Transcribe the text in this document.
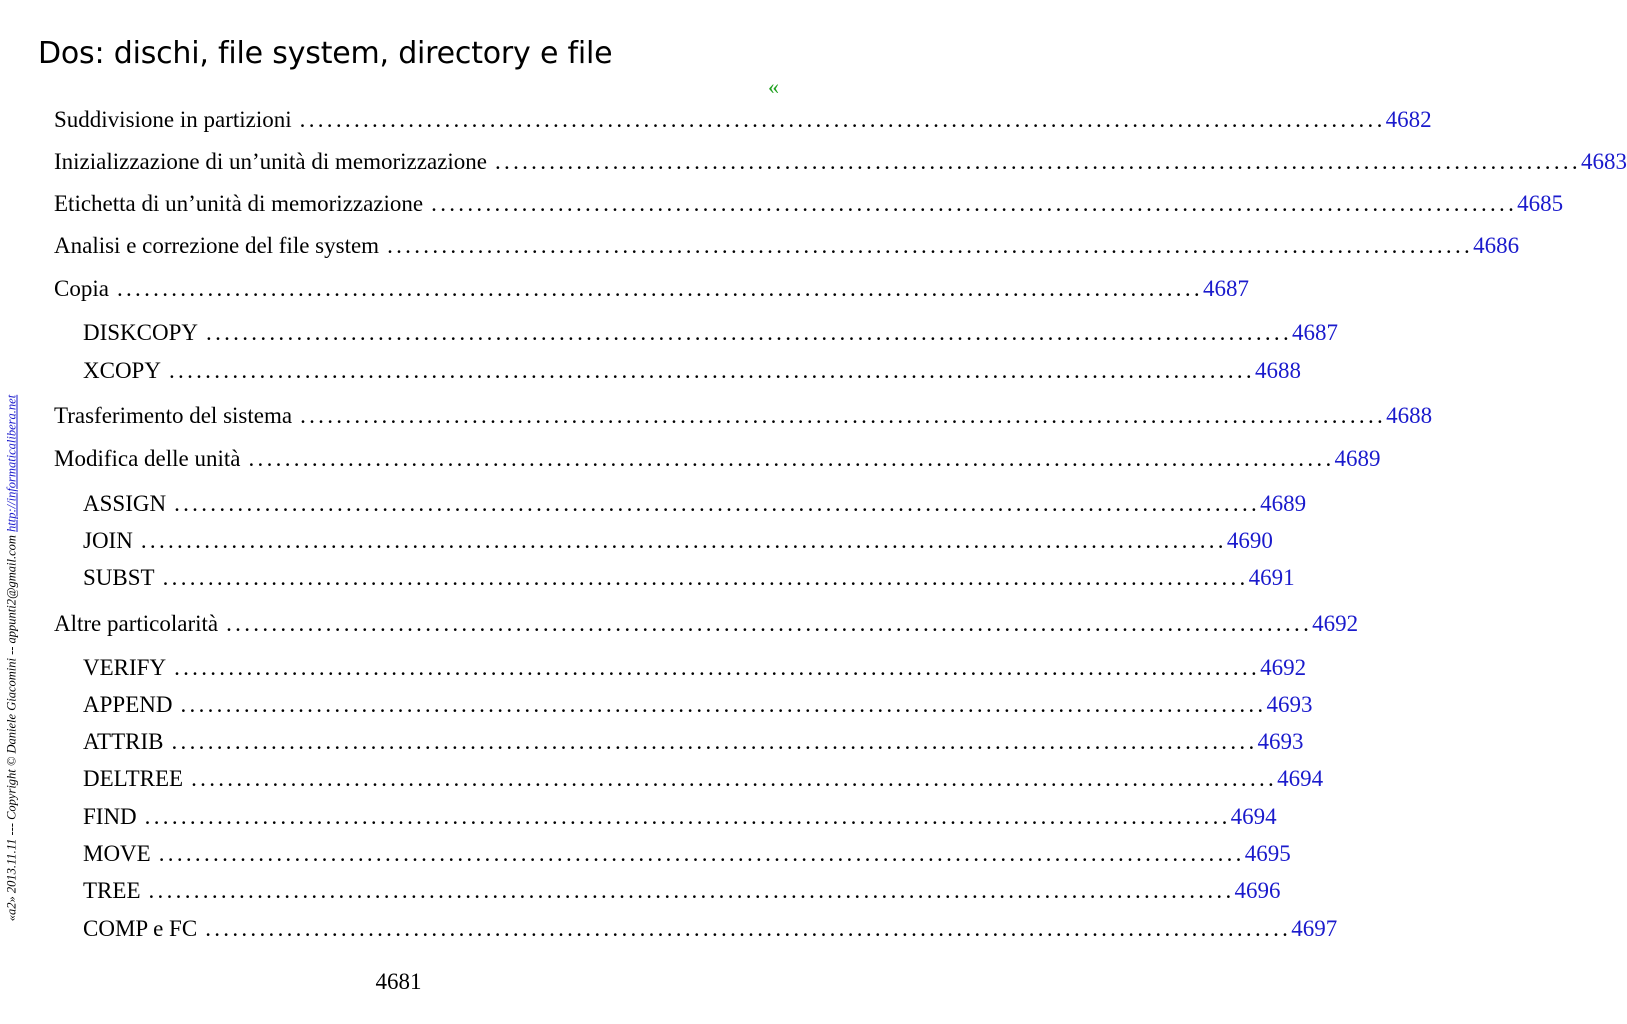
Dos: dischi, file system, directory e file
«
«a2» 2013.11.11 --- Copyright © Daniele Giacomini -- appunti2@gmail.com http://informaticalibera.net
Suddivisione in partizioni ........................................................................................................................ 4682
Inizializzazione di un’unità di memorizzazione ........................................................................................................................ 4683
Etichetta di un’unità di memorizzazione ........................................................................................................................ 4685
Analisi e correzione del file system ........................................................................................................................ 4686
Copia ........................................................................................................................ 4687
DISKCOPY ........................................................................................................................ 4687
XCOPY ........................................................................................................................ 4688
Trasferimento del sistema ........................................................................................................................ 4688
Modifica delle unità ........................................................................................................................ 4689
ASSIGN ........................................................................................................................ 4689
JOIN ........................................................................................................................ 4690
SUBST ........................................................................................................................ 4691
Altre particolarità ........................................................................................................................ 4692
VERIFY ........................................................................................................................ 4692
APPEND ........................................................................................................................ 4693
ATTRIB ........................................................................................................................ 4693
DELTREE ........................................................................................................................ 4694
FIND ........................................................................................................................ 4694
MOVE ........................................................................................................................ 4695
TREE ........................................................................................................................ 4696
COMP e FC ........................................................................................................................ 4697
4681
